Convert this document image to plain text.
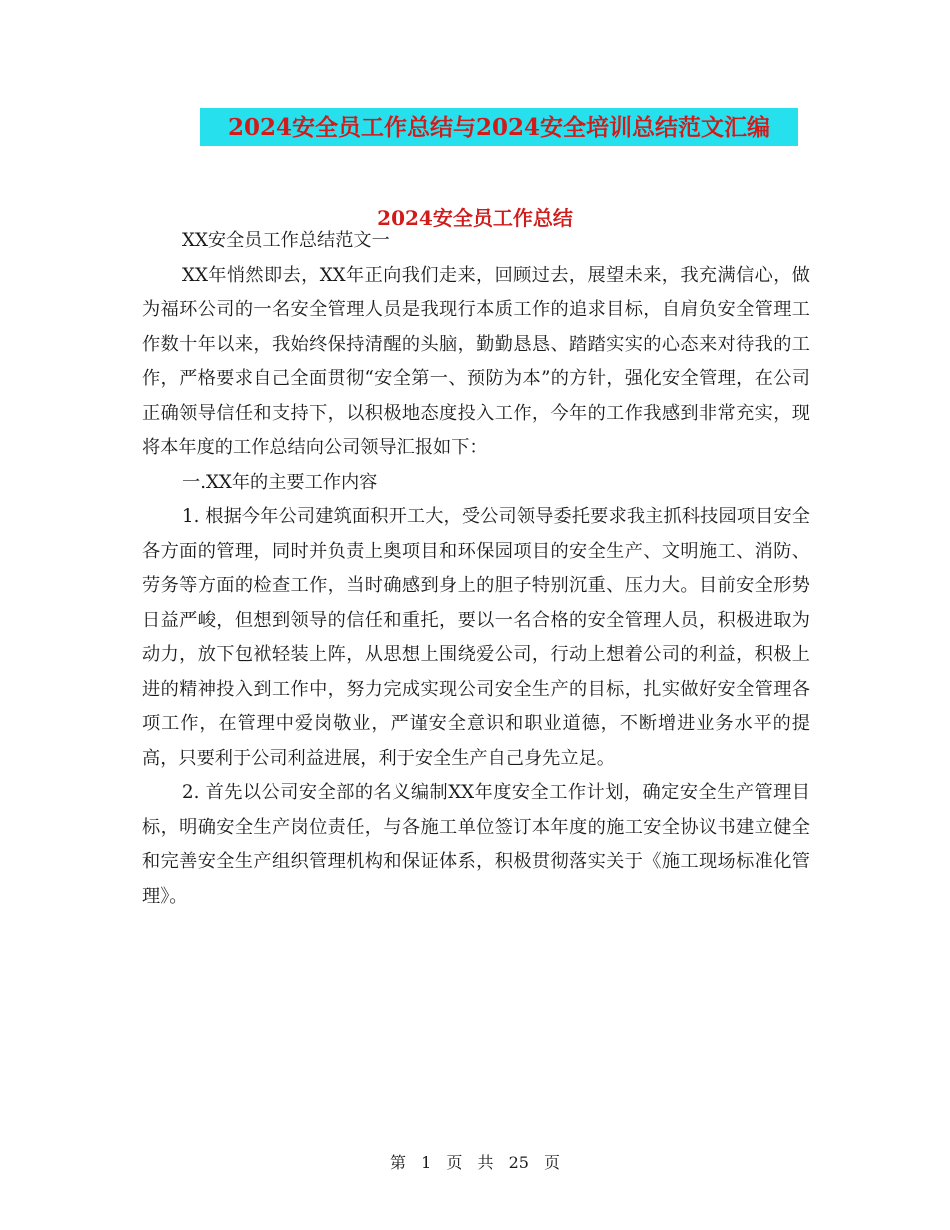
2024安全员工作总结与2024安全培训总结范文汇编
2024安全员工作总结

XX安全员工作总结范文一

XX年悄然即去，XX年正向我们走来，回顾过去，展望未来，我充满信心，做为福环公司的一名安全管理人员是我现行本质工作的追求目标，自肩负安全管理工作数十年以来，我始终保持清醒的头脑，勤勤恳恳、踏踏实实的心态来对待我的工作，严格要求自己全面贯彻“安全第一、预防为本”的方针，强化安全管理，在公司正确领导信任和支持下，以积极地态度投入工作，今年的工作我感到非常充实，现将本年度的工作总结向公司领导汇报如下：

一.XX年的主要工作内容

1. 根据今年公司建筑面积开工大，受公司领导委托要求我主抓科技园项目安全各方面的管理，同时并负责上奥项目和环保园项目的安全生产、文明施工、消防、劳务等方面的检查工作，当时确感到身上的胆子特别沉重、压力大。目前安全形势日益严峻，但想到领导的信任和重托，要以一名合格的安全管理人员，积极进取为动力，放下包袱轻装上阵，从思想上围绕爱公司，行动上想着公司的利益，积极上进的精神投入到工作中，努力完成实现公司安全生产的目标，扎实做好安全管理各项工作，在管理中爱岗敬业，严谨安全意识和职业道德，不断增进业务水平的提高，只要利于公司利益进展，利于安全生产自己身先立足。

2. 首先以公司安全部的名义编制XX年度安全工作计划，确定安全生产管理目标，明确安全生产岗位责任，与各施工单位签订本年度的施工安全协议书建立健全和完善安全生产组织管理机构和保证体系，积极贯彻落实关于《施工现场标准化管理》。

第 1 页 共 25 页
